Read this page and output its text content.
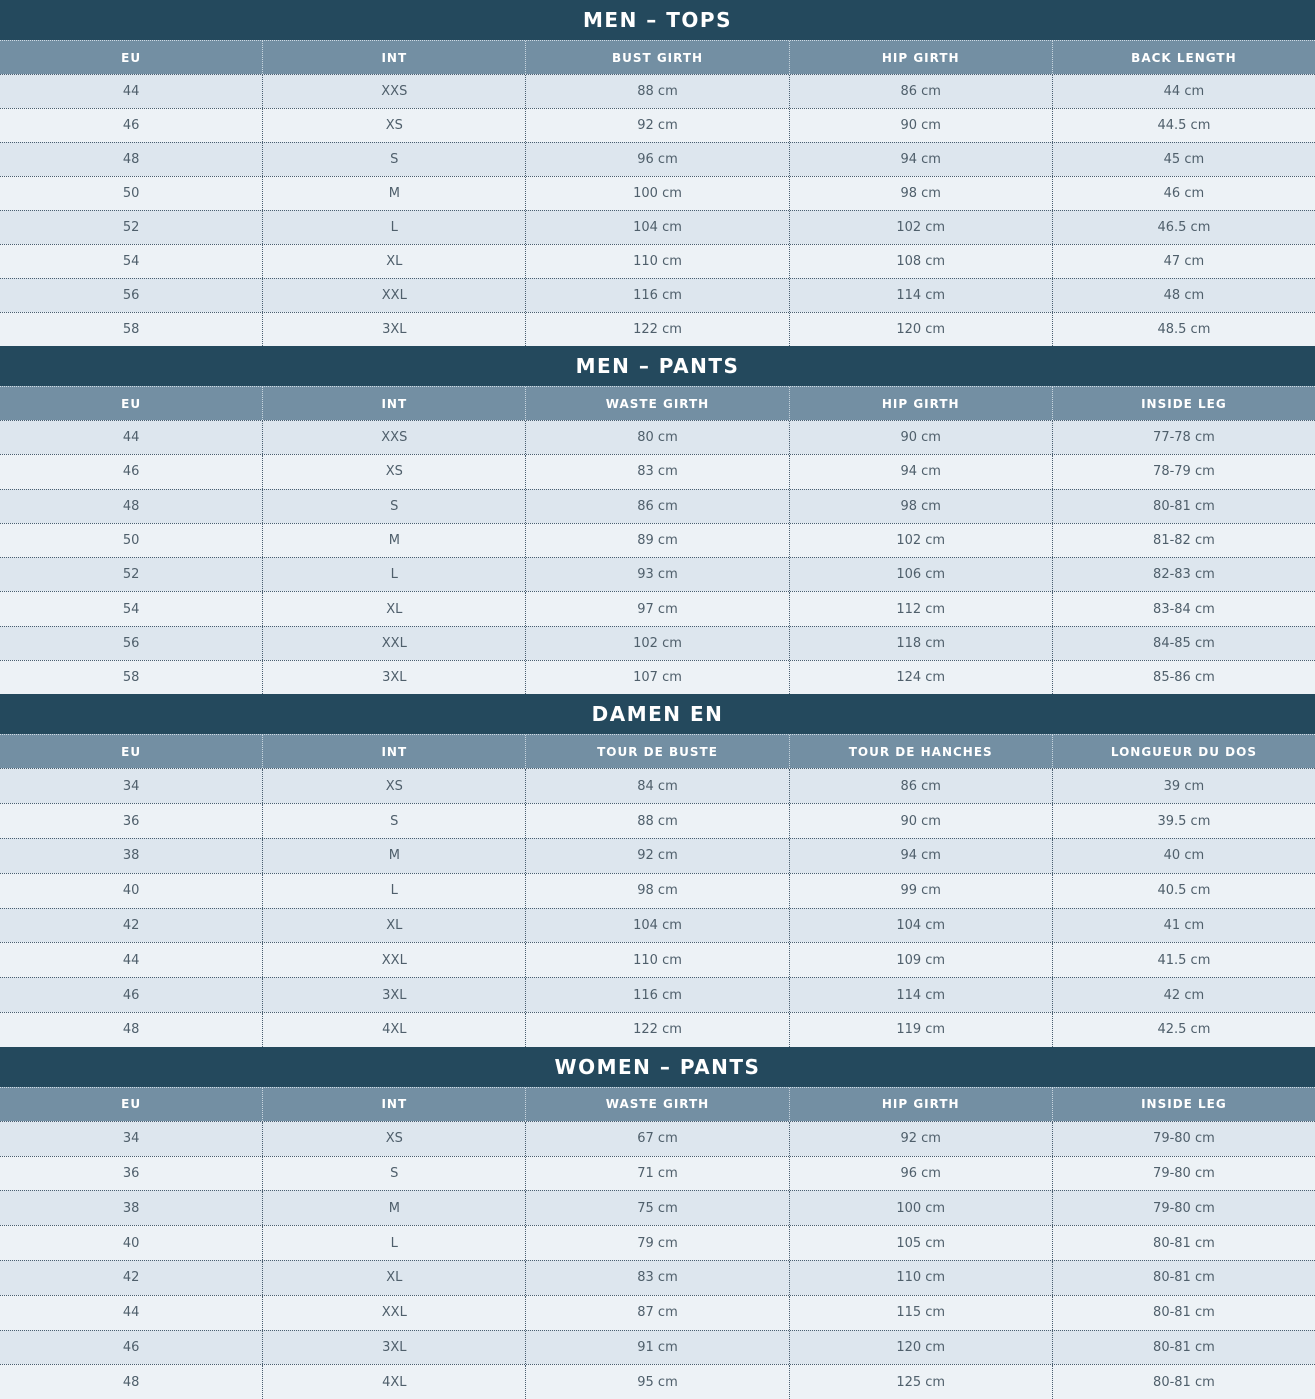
MEN – TOPS
EU	INT	BUST GIRTH	HIP GIRTH	BACK LENGTH
44	XXS	88 cm	86 cm	44 cm
46	XS	92 cm	90 cm	44.5 cm
48	S	96 cm	94 cm	45 cm
50	M	100 cm	98 cm	46 cm
52	L	104 cm	102 cm	46.5 cm
54	XL	110 cm	108 cm	47 cm
56	XXL	116 cm	114 cm	48 cm
58	3XL	122 cm	120 cm	48.5 cm
MEN – PANTS
EU	INT	WASTE GIRTH	HIP GIRTH	INSIDE LEG
44	XXS	80 cm	90 cm	77-78 cm
46	XS	83 cm	94 cm	78-79 cm
48	S	86 cm	98 cm	80-81 cm
50	M	89 cm	102 cm	81-82 cm
52	L	93 cm	106 cm	82-83 cm
54	XL	97 cm	112 cm	83-84 cm
56	XXL	102 cm	118 cm	84-85 cm
58	3XL	107 cm	124 cm	85-86 cm
DAMEN EN
EU	INT	TOUR DE BUSTE	TOUR DE HANCHES	LONGUEUR DU DOS
34	XS	84 cm	86 cm	39 cm
36	S	88 cm	90 cm	39.5 cm
38	M	92 cm	94 cm	40 cm
40	L	98 cm	99 cm	40.5 cm
42	XL	104 cm	104 cm	41 cm
44	XXL	110 cm	109 cm	41.5 cm
46	3XL	116 cm	114 cm	42 cm
48	4XL	122 cm	119 cm	42.5 cm
WOMEN – PANTS
EU	INT	WASTE GIRTH	HIP GIRTH	INSIDE LEG
34	XS	67 cm	92 cm	79-80 cm
36	S	71 cm	96 cm	79-80 cm
38	M	75 cm	100 cm	79-80 cm
40	L	79 cm	105 cm	80-81 cm
42	XL	83 cm	110 cm	80-81 cm
44	XXL	87 cm	115 cm	80-81 cm
46	3XL	91 cm	120 cm	80-81 cm
48	4XL	95 cm	125 cm	80-81 cm
